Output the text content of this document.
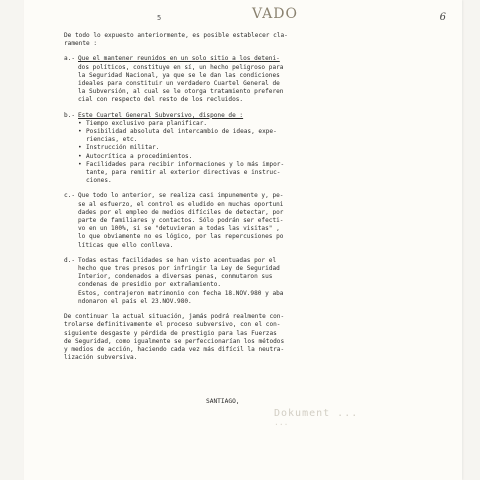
VADO
5	6
De todo lo expuesto anteriormente, es posible establecer cla-
ramente :
a.- Que el mantener reunidos en un solo sitio a los deteni-
dos políticos, constituye en sí, un hecho peligroso para
la Seguridad Nacional, ya que se le dan las condiciones
ideales para constituir un verdadero Cuartel General de
la Subversión, al cual se le otorga tratamiento preferen
cial con respecto del resto de los recluidos.
b.- Este Cuartel General Subversivo, dispone de :
• Tiempo exclusivo para planificar.
• Posibilidad absoluta del intercambio de ideas, expe-
riencias, etc.
• Instrucción militar.
• Autocrítica a procedimientos.
• Facilidades para recibir informaciones y lo más impor-
tante, para remitir al exterior directivas e instruc-
ciones.
c.- Que todo lo anterior, se realiza casi impunemente y, pe-
se al esfuerzo, el control es eludido en muchas oportuni
dades por el empleo de medios difíciles de detectar, por
parte de familiares y contactos. Sólo podrán ser efecti-
vo en un 100%, si se "detuvieran a todas las visitas" ,
lo que obviamente no es lógico, por las repercusiones po
líticas que ello conlleva.
d.- Todas estas facilidades se han visto acentuadas por el
hecho que tres presos por infringir la Ley de Seguridad
Interior, condenados a diversas penas, conmutaron sus
condenas de presidio por extrañamiento.
Estos, contrajeron matrimonio con fecha 18.NOV.980 y aba
ndonaron el país el 23.NOV.980.
De continuar la actual situación, jamás podrá realmente con-
trolarse definitivamente el proceso subversivo, con el con-
siguiente desgaste y pérdida de prestigio para las Fuerzas
de Seguridad, como igualmente se perfeccionarían los métodos
y medios de acción, haciendo cada vez más difícil la neutra-
lización subversiva.
SANTIAGO,
Dokument ...
...
